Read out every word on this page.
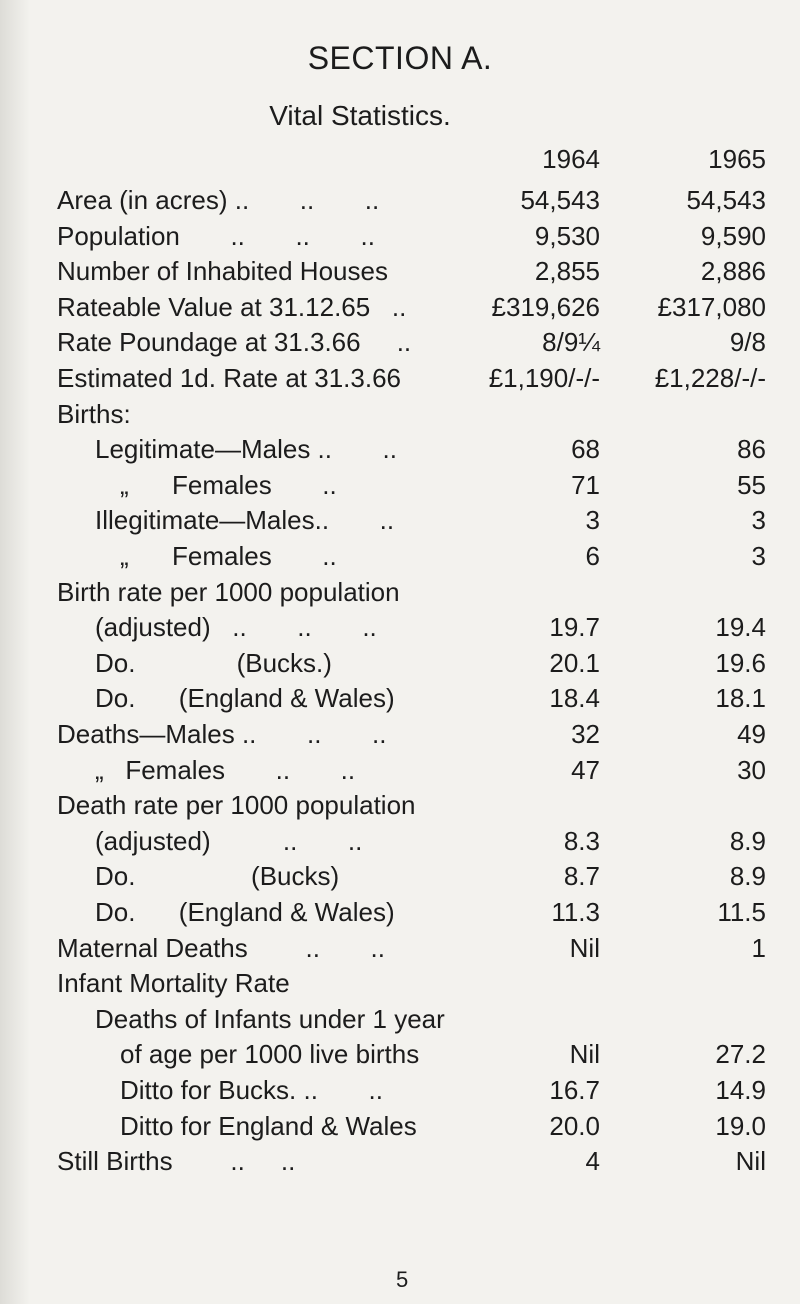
SECTION A.
Vital Statistics.
1964	1965
Area (in acres) ..       ..       ..	54,543	54,543
Population       ..       ..       ..	9,530	9,590
Number of Inhabited Houses	2,855	2,886
Rateable Value at 31.12.65   ..	£319,626 £317,080
Rate Poundage at 31.3.66     ..	8/9¼	9/8
Estimated 1d. Rate at 31.3.66	£1,190/-/- £1,228/-/-
Births:
Legitimate—Males ..       ..	68	86
„      Females       ..	71	55
Illegitimate—Males..       ..	3	3
„      Females       ..	6	3
Birth rate per 1000 population
(adjusted)   ..       ..       ..	19.7	19.4
Do.              (Bucks.)	20.1	19.6
Do.      (England & Wales)	18.4	18.1
Deaths—Males ..       ..       ..	32	49
„   Females       ..       ..	47	30
Death rate per 1000 population
(adjusted)          ..       ..	8.3	8.9
Do.                (Bucks)	8.7	8.9
Do.      (England & Wales)	11.3	11.5
Maternal Deaths        ..       ..	Nil	1
Infant Mortality Rate
Deaths of Infants under 1 year
of age per 1000 live births	Nil	27.2
Ditto for Bucks. ..       ..	16.7	14.9
Ditto for England & Wales	20.0	19.0
Still Births        ..     ..	4	Nil
5
